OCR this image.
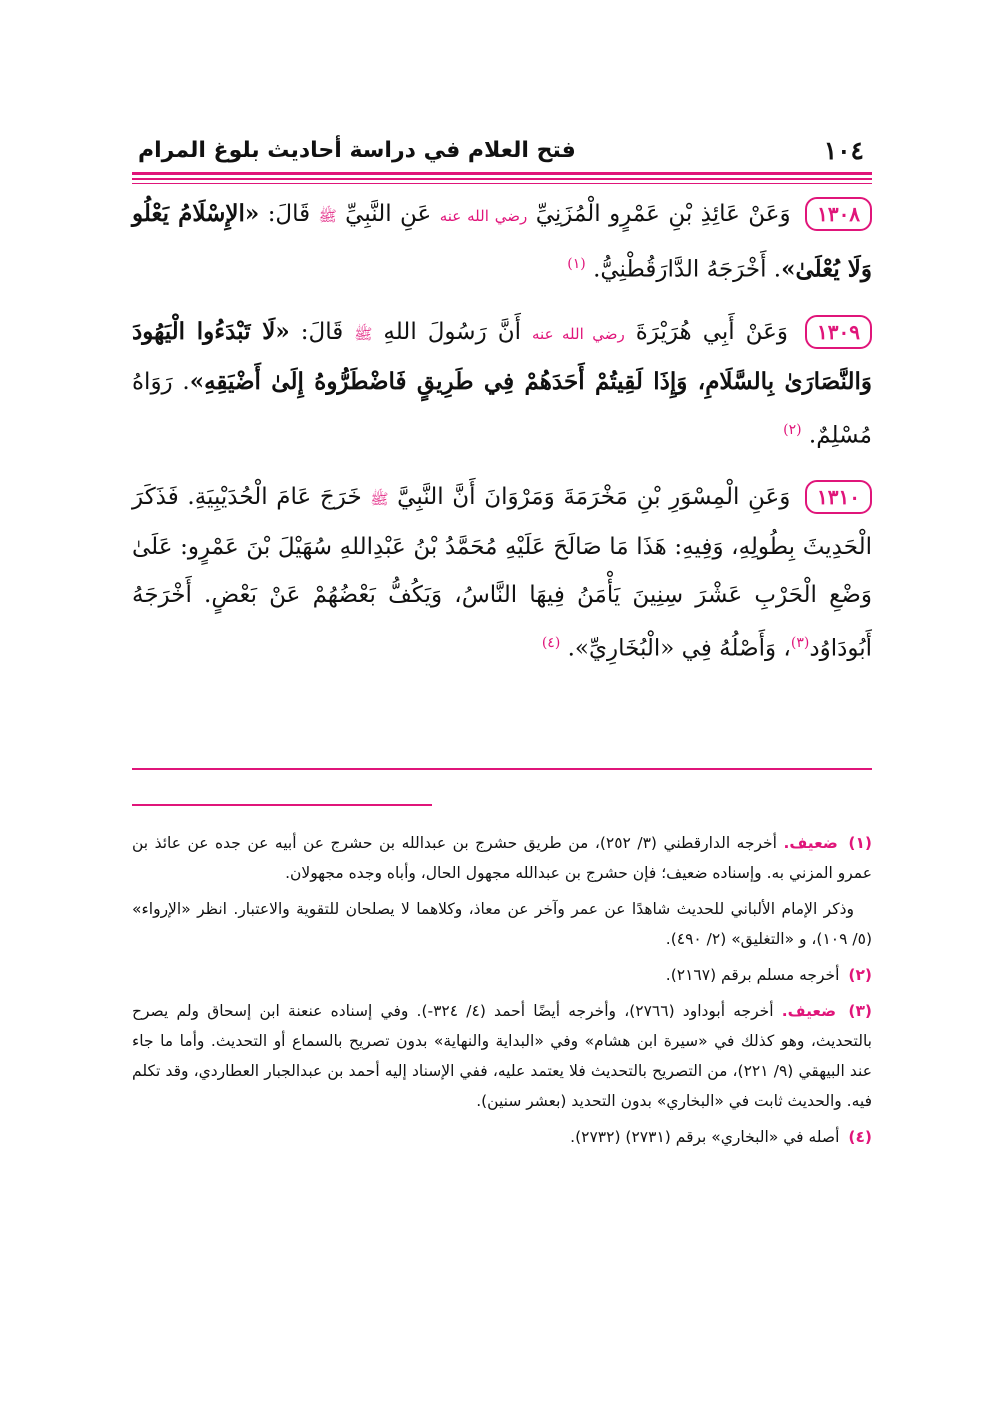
١٠٤
فتح العلام في دراسة أحاديث بلوغ المرام

١٣٠٨ وَعَنْ عَائِذِ بْنِ عَمْرٍو الْمُزَنِيِّ رضي الله عنه عَنِ النَّبِيِّ ﷺ قَالَ: «الإِسْلَامُ يَعْلُو وَلَا يُعْلَىٰ». أَخْرَجَهُ الدَّارَقُطْنِيُّ. $^{(١)}$

١٣٠٩ وَعَنْ أَبِي هُرَيْرَةَ رضي الله عنه أَنَّ رَسُولَ اللهِ ﷺ قَالَ: «لَا تَبْدَءُوا الْيَهُودَ وَالنَّصَارَىٰ بِالسَّلَامِ، وَإِذَا لَقِيتُمْ أَحَدَهُمْ فِي طَرِيقٍ فَاضْطَرُّوهُ إِلَىٰ أَضْيَقِهِ». رَوَاهُ مُسْلِمٌ. $^{(٢)}$

١٣١٠ وَعَنِ الْمِسْوَرِ بْنِ مَخْرَمَةَ وَمَرْوَانَ أَنَّ النَّبِيَّ ﷺ خَرَجَ عَامَ الْحُدَيْبِيَةِ. فَذَكَرَ الْحَدِيثَ بِطُولِهِ، وَفِيهِ: هَذَا مَا صَالَحَ عَلَيْهِ مُحَمَّدُ بْنُ عَبْدِاللهِ سُهَيْلَ بْنَ عَمْرٍو: عَلَىٰ وَضْعِ الْحَرْبِ عَشْرَ سِنِينَ يَأْمَنُ فِيهَا النَّاسُ، وَيَكُفُّ بَعْضُهُمْ عَنْ بَعْضٍ. أَخْرَجَهُ أَبُودَاوُد$^{(٣)}$، وَأَصْلُهُ فِي «الْبُخَارِيِّ». $^{(٤)}$

(١) ضعيف. أخرجه الدارقطني (٣/ ٢٥٢)، من طريق حشرج بن عبدالله بن حشرج عن أبيه عن جده عن عائذ بن عمرو المزني به. وإسناده ضعيف؛ فإن حشرج بن عبدالله مجهول الحال، وأباه وجده مجهولان.

وذكر الإمام الألباني للحديث شاهدًا عن عمر وآخر عن معاذ، وكلاهما لا يصلحان للتقوية والاعتبار. انظر «الإرواء» (٥/ ١٠٩)، و «التغليق» (٢/ ٤٩٠).

(٢) أخرجه مسلم برقم (٢١٦٧).

(٣) ضعيف. أخرجه أبوداود (٢٧٦٦)، وأخرجه أيضًا أحمد (٤/ ٣٢٤-). وفي إسناده عنعنة ابن إسحاق ولم يصرح بالتحديث، وهو كذلك في «سيرة ابن هشام» وفي «البداية والنهاية» بدون تصريح بالسماع أو التحديث. وأما ما جاء عند البيهقي (٩/ ٢٢١)، من التصريح بالتحديث فلا يعتمد عليه، ففي الإسناد إليه أحمد بن عبدالجبار العطاردي، وقد تكلم فيه. والحديث ثابت في «البخاري» بدون التحديد (بعشر سنين).

(٤) أصله في «البخاري» برقم (٢٧٣١) (٢٧٣٢).
